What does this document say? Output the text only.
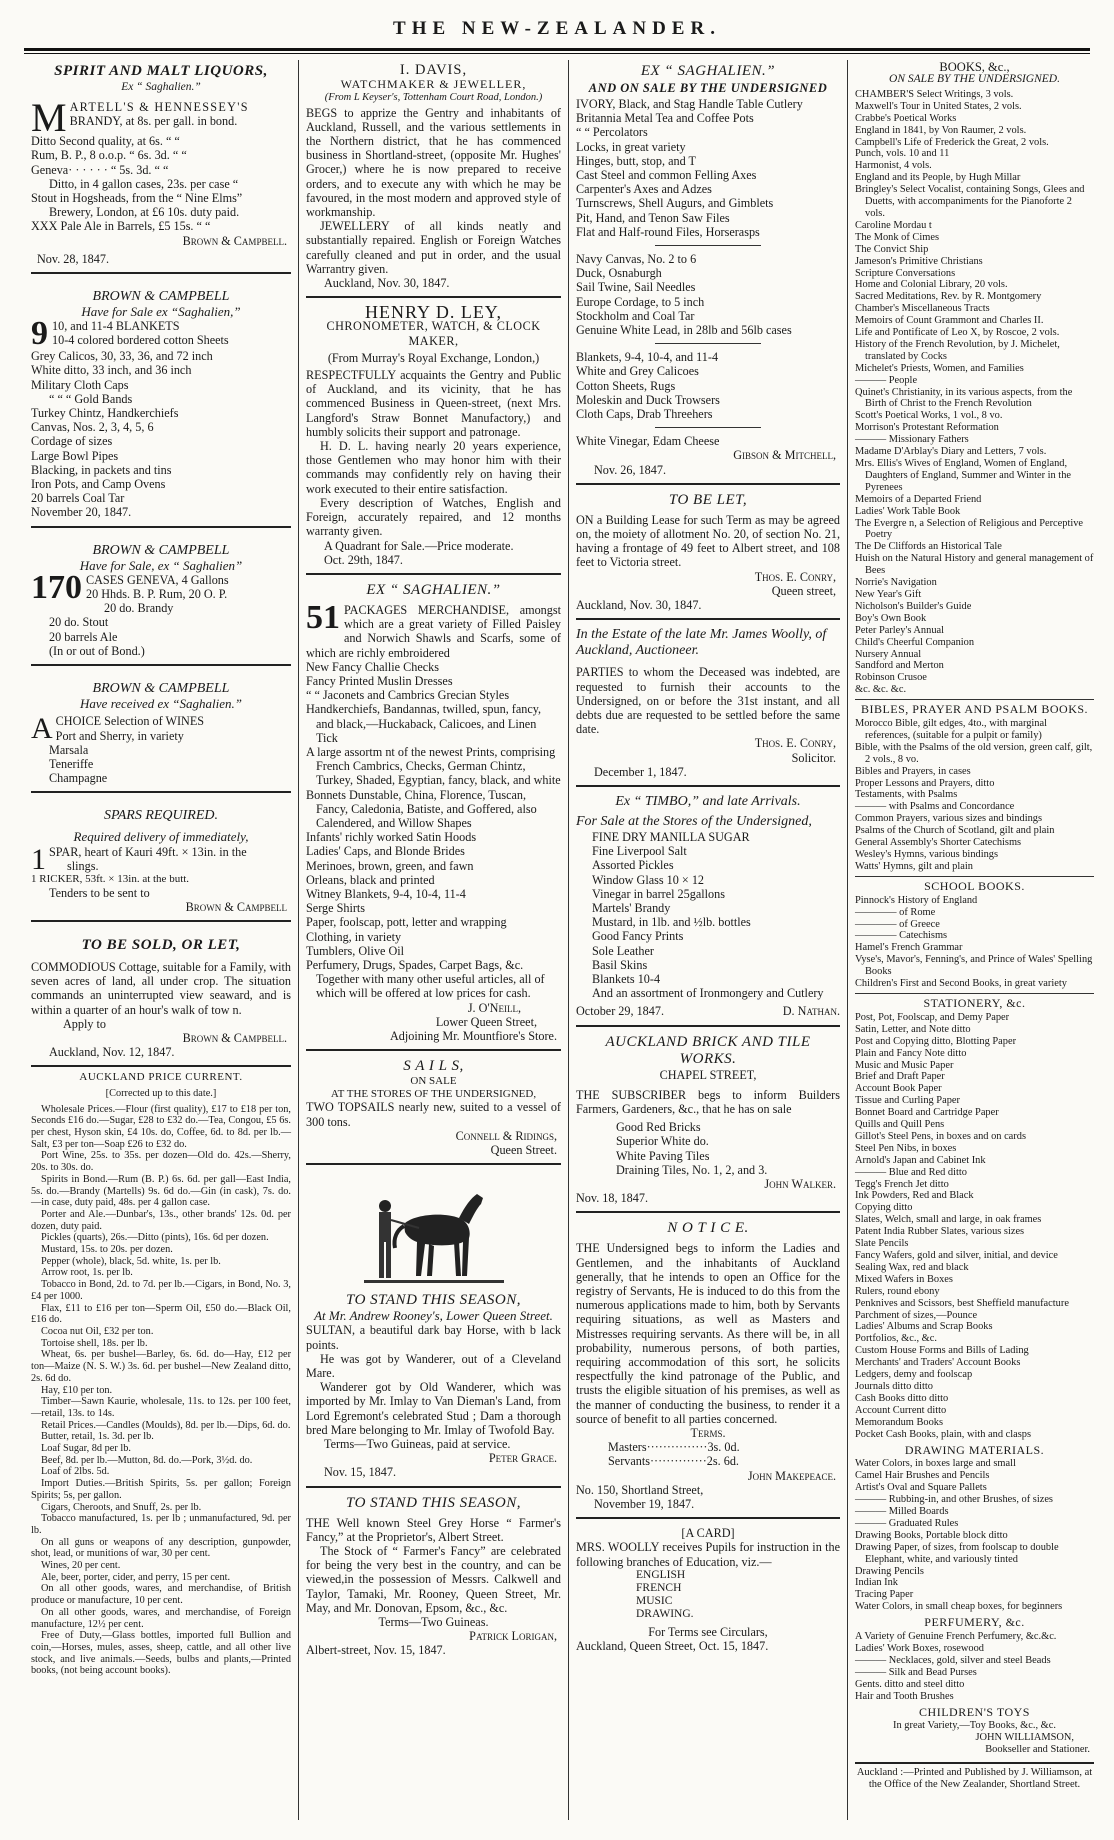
THE NEW-ZEALANDER.
SPIRIT AND MALT LIQUORS,
Ex “ Saghalien.”
M ARTELL'S & HENNESSEY'S
BRANDY, at 8s. per gall. in bond.
Ditto Second quality, at 6s. “ “
Rum, B. P., 8 o.o.p. “ 6s. 3d. “ “
Geneva· · · · · · “ 5s. 3d. “ “
Ditto, in 4 gallon cases, 23s. per case “
Stout in Hogsheads, from the “ Nine Elms”
Brewery, London, at £6 10s. duty paid.
XXX Pale Ale in Barrels, £5 15s. “ “
Brown & Campbell.
Nov. 28, 1847.
BROWN & CAMPBELL
Have for Sale ex “Saghalien,”
9 10, and 11-4 BLANKETS
10-4 colored bordered cotton Sheets
Grey Calicos, 30, 33, 36, and 72 inch
White ditto, 33 inch, and 36 inch
Military Cloth Caps
“ “ “ Gold Bands
Turkey Chintz, Handkerchiefs
Canvas, Nos. 2, 3, 4, 5, 6
Cordage of sizes
Large Bowl Pipes
Blacking, in packets and tins
Iron Pots, and Camp Ovens
20 barrels Coal Tar
November 20, 1847.
BROWN & CAMPBELL
Have for Sale, ex “ Saghalien”
170 CASES GENEVA, 4 Gallons
20 Hhds. B. P. Rum, 20 O. P.
20 do. Brandy
20 do. Stout
20 barrels Ale
(In or out of Bond.)
BROWN & CAMPBELL
Have received ex “Saghalien.”
A CHOICE Selection of WINES
Port and Sherry, in variety
Marsala
Teneriffe
Champagne
SPARS REQUIRED.
Required delivery of immediately,
1 SPAR, heart of Kauri 49ft. × 13in. in the
slings.
1 RICKER, 53ft. × 13in. at the butt.
Tenders to be sent to
Brown & Campbell
TO BE SOLD, OR LET,
COMMODIOUS Cottage, suitable for a Family, with seven acres of land, all under crop. The situation commands an uninterrupted view seaward, and is within a quarter of an hour's walk of tow n.
Apply to
Brown & Campbell.
Auckland, Nov. 12, 1847.
AUCKLAND PRICE CURRENT.
[Corrected up to this date.]
Wholesale Prices.—Flour (first quality), £17 to £18 per ton, Seconds £16 do.—Sugar, £28 to £32 do.—Tea, Congou, £5 6s. per chest, Hyson skin, £4 10s. do, Coffee, 6d. to 8d. per lb.—Salt, £3 per ton—Soap £26 to £32 do.
Port Wine, 25s. to 35s. per dozen—Old do. 42s.—Sherry, 20s. to 30s. do.
Spirits in Bond.—Rum (B. P.) 6s. 6d. per gall—East India, 5s. do.—Brandy (Martells) 9s. 6d do.—Gin (in cask), 7s. do.—in case, duty paid, 48s. per 4 gallon case.
Porter and Ale.—Dunbar's, 13s., other brands' 12s. 0d. per dozen, duty paid.
Pickles (quarts), 26s.—Ditto (pints), 16s. 6d per dozen.
Mustard, 15s. to 20s. per dozen.
Pepper (whole), black, 5d. white, 1s. per lb.
Arrow root, 1s. per lb.
Tobacco in Bond, 2d. to 7d. per lb.—Cigars, in Bond, No. 3, £4 per 1000.
Flax, £11 to £16 per ton—Sperm Oil, £50 do.—Black Oil, £16 do.
Cocoa nut Oil, £32 per ton.
Tortoise shell, 18s. per lb.
Wheat, 6s. per bushel—Barley, 6s. 6d. do—Hay, £12 per ton—Maize (N. S. W.) 3s. 6d. per bushel—New Zealand ditto, 2s. 6d do.
Hay, £10 per ton.
Timber—Sawn Kaurie, wholesale, 11s. to 12s. per 100 feet,—retail, 13s. to 14s.
Retail Prices.—Candles (Moulds), 8d. per lb.—Dips, 6d. do.
Butter, retail, 1s. 3d. per lb.
Loaf Sugar, 8d per lb.
Beef, 8d. per lb.—Mutton, 8d. do.—Pork, 3½d. do.
Loaf of 2lbs. 5d.
Import Duties.—British Spirits, 5s. per gallon; Foreign Spirits; 5s, per gallon.
Cigars, Cheroots, and Snuff, 2s. per lb.
Tobacco manufactured, 1s. per lb ; unmanufactured, 9d. per lb.
On all guns or weapons of any description, gunpowder, shot, lead, or munitions of war, 30 per cent.
Wines, 20 per cent.
Ale, beer, porter, cider, and perry, 15 per cent.
On all other goods, wares, and merchandise, of British produce or manufacture, 10 per cent.
On all other goods, wares, and merchandise, of Foreign manufacture, 12½ per cent.
Free of Duty,—Glass bottles, imported full Bullion and coin,—Horses, mules, asses, sheep, cattle, and all other live stock, and live animals.—Seeds, bulbs and plants,—Printed books, (not being account books).
I. DAVIS,
WATCHMAKER & JEWELLER,
(From L Keyser's, Tottenham Court Road, London.)
BEGS to apprize the Gentry and inhabitants of Auckland, Russell, and the various settlements in the Northern district, that he has commenced business in Shortland-street, (opposite Mr. Hughes' Grocer,) where he is now prepared to receive orders, and to execute any with which he may be favoured, in the most modern and approved style of workmanship.
JEWELLERY of all kinds neatly and substantially repaired. English or Foreign Watches carefully cleaned and put in order, and the usual Warrantry given.
Auckland, Nov. 30, 1847.
HENRY D. LEY,
CHRONOMETER, WATCH, & CLOCK MAKER,
(From Murray's Royal Exchange, London,)
RESPECTFULLY acquaints the Gentry and Public of Auckland, and its vicinity, that he has commenced Business in Queen-street, (next Mrs. Langford's Straw Bonnet Manufactory,) and humbly solicits their support and patronage.
H. D. L. having nearly 20 years experience, those Gentlemen who may honor him with their commands may confidently rely on having their work executed to their entire satisfaction.
Every description of Watches, English and Foreign, accurately repaired, and 12 months warranty given.
A Quadrant for Sale.—Price moderate.
Oct. 29th, 1847.
EX “ SAGHALIEN.”
51 PACKAGES MERCHANDISE, amongst which are a great variety of Filled Paisley and Norwich Shawls and Scarfs, some of which are richly embroidered
New Fancy Challie Checks
Fancy Printed Muslin Dresses
“ “ Jaconets and Cambrics Grecian Styles
Handkerchiefs, Bandannas, twilled, spun, fancy, and black,—Huckaback, Calicoes, and Linen Tick
A large assortm nt of the newest Prints, comprising French Cambrics, Checks, German Chintz, Turkey, Shaded, Egyptian, fancy, black, and white
Bonnets Dunstable, China, Florence, Tuscan, Fancy, Caledonia, Batiste, and Goffered, also Calendered, and Willow Shapes
Infants' richly worked Satin Hoods
Ladies' Caps, and Blonde Brides
Merinoes, brown, green, and fawn
Orleans, black and printed
Witney Blankets, 9-4, 10-4, 11-4
Serge Shirts
Paper, foolscap, pott, letter and wrapping
Clothing, in variety
Tumblers, Olive Oil
Perfumery, Drugs, Spades, Carpet Bags, &c. Together with many other useful articles, all of which will be offered at low prices for cash.
J. O'Neill,
Lower Queen Street,
Adjoining Mr. Mountfiore's Store.
S A I L S,
ON SALE
AT THE STORES OF THE UNDERSIGNED,
TWO TOPSAILS nearly new, suited to a vessel of 300 tons.
Connell & Ridings,
Queen Street.
TO STAND THIS SEASON,
At Mr. Andrew Rooney's, Lower Queen Street.
SULTAN, a beautiful dark bay Horse, with b lack points.
He was got by Wanderer, out of a Cleveland Mare.
Wanderer got by Old Wanderer, which was imported by Mr. Imlay to Van Dieman's Land, from Lord Egremont's celebrated Stud ; Dam a thorough bred Mare belonging to Mr. Imlay of Twofold Bay.
Terms—Two Guineas, paid at service.
Peter Grace.
Nov. 15, 1847.
TO STAND THIS SEASON,
THE Well known Steel Grey Horse “ Farmer's Fancy,” at the Proprietor's, Albert Street.
The Stock of “ Farmer's Fancy” are celebrated for being the very best in the country, and can be viewed,in the possession of Messrs. Calkwell and Taylor, Tamaki, Mr. Rooney, Queen Street, Mr. May, and Mr. Donovan, Epsom, &c., &c.
Terms—Two Guineas.
Patrick Lorigan,
Albert-street, Nov. 15, 1847.
EX “ SAGHALIEN.”
AND ON SALE BY THE UNDERSIGNED
IVORY, Black, and Stag Handle Table Cutlery
Britannia Metal Tea and Coffee Pots
“ “ Percolators
Locks, in great variety
Hinges, butt, stop, and T
Cast Steel and common Felling Axes
Carpenter's Axes and Adzes
Turnscrews, Shell Augurs, and Gimblets
Pit, Hand, and Tenon Saw Files
Flat and Half-round Files, Horserasps
Navy Canvas, No. 2 to 6
Duck, Osnaburgh
Sail Twine, Sail Needles
Europe Cordage, to 5 inch
Stockholm and Coal Tar
Genuine White Lead, in 28lb and 56lb cases
Blankets, 9-4, 10-4, and 11-4
White and Grey Calicoes
Cotton Sheets, Rugs
Moleskin and Duck Trowsers
Cloth Caps, Drab Threehers
White Vinegar, Edam Cheese
Gibson & Mitchell,
Nov. 26, 1847.
TO BE LET,
ON a Building Lease for such Term as may be agreed on, the moiety of allotment No. 20, of section No. 21, having a frontage of 49 feet to Albert street, and 108 feet to Victoria street.
Thos. E. Conry,
Queen street,
Auckland, Nov. 30, 1847.
In the Estate of the late Mr. James Woolly, of Auckland, Auctioneer.
PARTIES to whom the Deceased was indebted, are requested to furnish their accounts to the Undersigned, on or before the 31st instant, and all debts due are requested to be settled before the same date.
Thos. E. Conry,
Solicitor.
December 1, 1847.
Ex “ TIMBO,” and late Arrivals.
For Sale at the Stores of the Undersigned,
FINE DRY MANILLA SUGAR
Fine Liverpool Salt
Assorted Pickles
Window Glass 10 × 12
Vinegar in barrel 25gallons
Martels' Brandy
Mustard, in 1lb. and ½lb. bottles
Good Fancy Prints
Sole Leather
Basil Skins
Blankets 10-4
And an assortment of Ironmongery and Cutlery
October 29, 1847.	D. Nathan.
AUCKLAND BRICK AND TILE WORKS.
CHAPEL STREET,
THE SUBSCRIBER begs to inform Builders Farmers, Gardeners, &c., that he has on sale
Good Red Bricks
Superior White do.
White Paving Tiles
Draining Tiles, No. 1, 2, and 3.
John Walker.
Nov. 18, 1847.
N O T I C E.
THE Undersigned begs to inform the Ladies and Gentlemen, and the inhabitants of Auckland generally, that he intends to open an Office for the registry of Servants, He is induced to do this from the numerous applications made to him, both by Servants requiring situations, as well as Masters and Mistresses requiring servants. As there will be, in all probability, numerous persons, of both parties, requiring accommodation of this sort, he solicits respectfully the kind patronage of the Public, and trusts the eligible situation of his premises, as well as the manner of conducting the business, to render it a source of benefit to all parties concerned.
Terms.
Masters···············3s. 0d.
Servants··············2s. 6d.
John Makepeace.
No. 150, Shortland Street,
November 19, 1847.
[A CARD]
MRS. WOOLLY receives Pupils for instruction in the following branches of Education, viz.—
ENGLISH
FRENCH
MUSIC
DRAWING.
For Terms see Circulars,
Auckland, Queen Street, Oct. 15, 1847.
BOOKS, &c.,
ON SALE BY THE UNDERSIGNED.
CHAMBER'S Select Writings, 3 vols.
Maxwell's Tour in United States, 2 vols.
Crabbe's Poetical Works
England in 1841, by Von Raumer, 2 vols.
Campbell's Life of Frederick the Great, 2 vols.
Punch, vols. 10 and 11
Harmonist, 4 vols.
England and its People, by Hugh Millar
Bringley's Select Vocalist, containing Songs, Glees and Duetts, with accompaniments for the Pianoforte 2 vols.
Caroline Mordau t
The Monk of Cimes
The Convict Ship
Jameson's Primitive Christians
Scripture Conversations
Home and Colonial Library, 20 vols.
Sacred Meditations, Rev. by R. Montgomery
Chamber's Miscellaneous Tracts
Memoirs of Count Grammont and Charles II.
Life and Pontificate of Leo X, by Roscoe, 2 vols.
History of the French Revolution, by J. Michelet, translated by Cocks
Michelet's Priests, Women, and Families
——— People
Quinet's Christianity, in its various aspects, from the Birth of Christ to the French Revolution
Scott's Poetical Works, 1 vol., 8 vo.
Morrison's Protestant Reformation
——— Missionary Fathers
Madame D'Arblay's Diary and Letters, 7 vols.
Mrs. Ellis's Wives of England, Women of England, Daughters of England, Summer and Winter in the Pyrenees
Memoirs of a Departed Friend
Ladies' Work Table Book
The Evergre n, a Selection of Religious and Perceptive Poetry
The De Cliffords an Historical Tale
Huish on the Natural History and general management of Bees
Norrie's Navigation
New Year's Gift
Nicholson's Builder's Guide
Boy's Own Book
Peter Parley's Annual
Child's Cheerful Companion
Nursery Annual
Sandford and Merton
Robinson Crusoe
&c. &c. &c.
BIBLES, PRAYER AND PSALM BOOKS.
Morocco Bible, gilt edges, 4to., with marginal references, (suitable for a pulpit or family)
Bible, with the Psalms of the old version, green calf, gilt, 2 vols., 8 vo.
Bibles and Prayers, in cases
Proper Lessons and Prayers, ditto
Testaments, with Psalms
——— with Psalms and Concordance
Common Prayers, various sizes and bindings
Psalms of the Church of Scotland, gilt and plain
General Assembly's Shorter Catechisms
Wesley's Hymns, various bindings
Watts' Hymns, gilt and plain
SCHOOL BOOKS.
Pinnock's History of England
———— of Rome
———— of Greece
———— Catechisms
Hamel's French Grammar
Vyse's, Mavor's, Fenning's, and Prince of Wales' Spelling Books
Children's First and Second Books, in great variety
STATIONERY, &c.
Post, Pot, Foolscap, and Demy Paper
Satin, Letter, and Note ditto
Post and Copying ditto, Blotting Paper
Plain and Fancy Note ditto
Music and Music Paper
Brief and Draft Paper
Account Book Paper
Tissue and Curling Paper
Bonnet Board and Cartridge Paper
Quills and Quill Pens
Gillot's Steel Pens, in boxes and on cards
Steel Pen Nibs, in boxes
Arnold's Japan and Cabinet Ink
——— Blue and Red ditto
Tegg's French Jet ditto
Ink Powders, Red and Black
Copying ditto
Slates, Welch, small and large, in oak frames
Patent India Rubber Slates, various sizes
Slate Pencils
Fancy Wafers, gold and silver, initial, and device
Sealing Wax, red and black
Mixed Wafers in Boxes
Rulers, round ebony
Penknives and Scissors, best Sheffield manufacture
Parchment of sizes,—Pounce
Ladies' Albums and Scrap Books
Portfolios, &c., &c.
Custom House Forms and Bills of Lading
Merchants' and Traders' Account Books
Ledgers, demy and foolscap
Journals ditto ditto
Cash Books ditto ditto
Account Current ditto
Memorandum Books
Pocket Cash Books, plain, with and clasps
DRAWING MATERIALS.
Water Colors, in boxes large and small
Camel Hair Brushes and Pencils
Artist's Oval and Square Pallets
——— Rubbing-in, and other Brushes, of sizes
——— Milled Boards
——— Graduated Rules
Drawing Books, Portable block ditto
Drawing Paper, of sizes, from foolscap to double Elephant, white, and variously tinted
Drawing Pencils
Indian Ink
Tracing Paper
Water Colors, in small cheap boxes, for beginners
PERFUMERY, &c.
A Variety of Genuine French Perfumery, &c.&c.
Ladies' Work Boxes, rosewood
——— Necklaces, gold, silver and steel Beads
——— Silk and Bead Purses
Gents. ditto and steel ditto
Hair and Tooth Brushes
CHILDREN'S TOYS
In great Variety,—Toy Books, &c., &c.
JOHN WILLIAMSON,
Bookseller and Stationer.
Auckland :—Printed and Published by J. Williamson, at the Office of the New Zealander, Shortland Street.
